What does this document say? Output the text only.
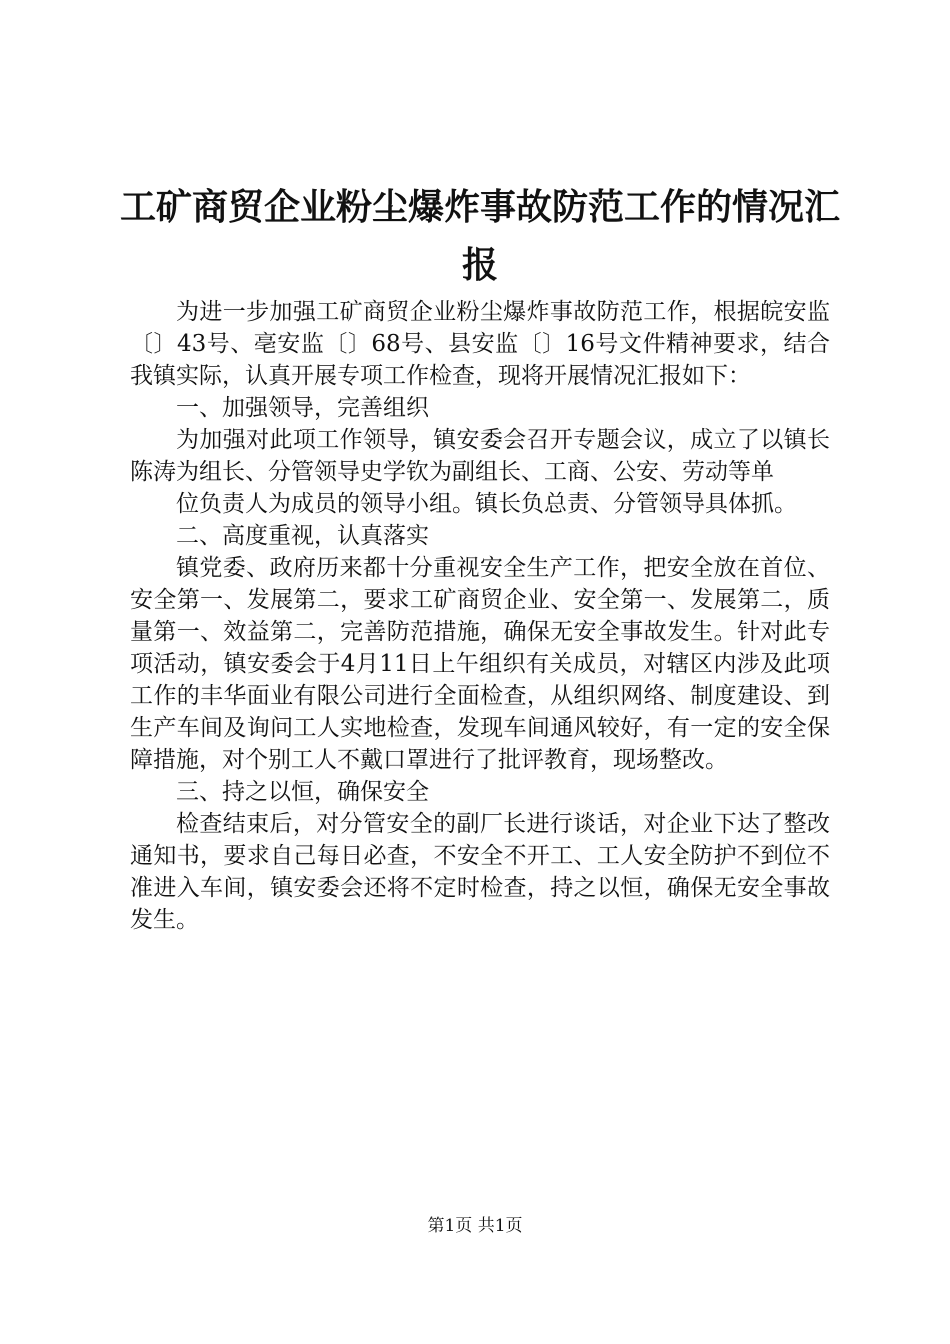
工矿商贸企业粉尘爆炸事故防范工作的情况汇报

为进一步加强工矿商贸企业粉尘爆炸事故防范工作，根据皖安监〔〕43号、亳安监〔〕68号、县安监〔〕16号文件精神要求，结合我镇实际，认真开展专项工作检查，现将开展情况汇报如下：

一、加强领导，完善组织

为加强对此项工作领导，镇安委会召开专题会议，成立了以镇长陈涛为组长、分管领导史学钦为副组长、工商、公安、劳动等单

位负责人为成员的领导小组。镇长负总责、分管领导具体抓。

二、高度重视，认真落实

镇党委、政府历来都十分重视安全生产工作，把安全放在首位、安全第一、发展第二，要求工矿商贸企业、安全第一、发展第二，质量第一、效益第二，完善防范措施，确保无安全事故发生。针对此专项活动，镇安委会于4月11日上午组织有关成员，对辖区内涉及此项工作的丰华面业有限公司进行全面检查，从组织网络、制度建设、到生产车间及询问工人实地检查，发现车间通风较好，有一定的安全保障措施，对个别工人不戴口罩进行了批评教育，现场整改。

三、持之以恒，确保安全

检查结束后，对分管安全的副厂长进行谈话，对企业下达了整改通知书，要求自己每日必查，不安全不开工、工人安全防护不到位不准进入车间，镇安委会还将不定时检查，持之以恒，确保无安全事故发生。

第1页 共1页
